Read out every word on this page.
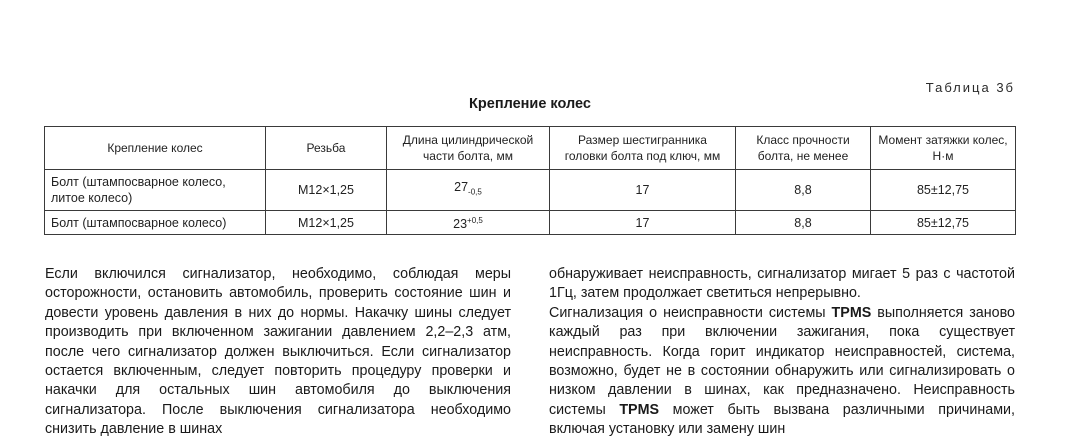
Таблица 3б
Крепление колес
Крепление колес	Резьба	Длина цилиндрической части болта, мм	Размер шестигранника головки болта под ключ, мм	Класс прочности болта, не менее	Момент затяжки колес, Н·м
Болт (штампосварное колесо, литое колесо)	М12×1,25	$27_{-0,5}$	17	8,8	85±12,75
Болт (штампосварное колесо)	М12×1,25	$23^{+0,5}$	17	8,8	85±12,75

Если включился сигнализатор, необходимо, соблюдая меры осторожности, остановить автомобиль, проверить состояние шин и довести уровень давления в них до нормы. Накачку шины следует производить при включенном зажигании давлением 2,2–2,3 атм, после чего сигнализатор должен выключиться. Если сигнализатор остается включенным, следует повторить процедуру проверки и накачки для остальных шин автомобиля до выключения сигнализатора. После выключения сигнализатора необходимо снизить давление в шинах

обнаруживает неисправность, сигнализатор мигает 5 раз с частотой 1Гц, затем продолжает светиться непрерывно.

Сигнализация о неисправности системы TPMS выполняется заново каждый раз при включении зажигания, пока существует неисправность. Когда горит индикатор неисправностей, система, возможно, будет не в состоянии обнаружить или сигнализировать о низком давлении в шинах, как предназначено. Неисправность системы TPMS может быть вызвана различными причинами, включая установку или замену шин
